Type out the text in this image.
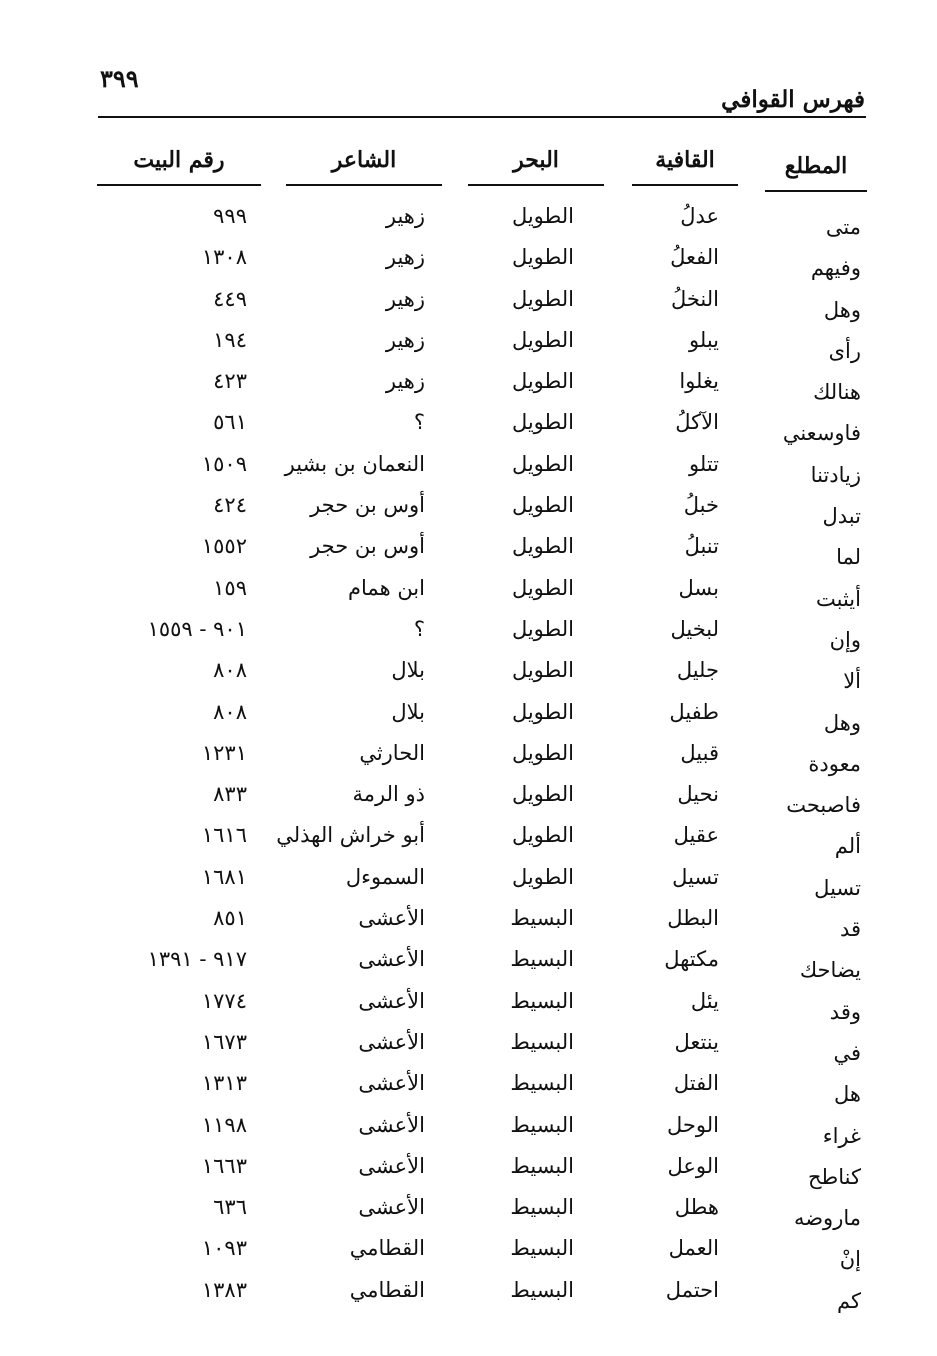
٣٩٩
فهرس القوافي
المطلع
القافية
البحر
الشاعر
رقم البيت
متى
عدلُ
الطويل
زهير
٩٩٩
وفيهم
الفعلُ
الطويل
زهير
١٣٠٨
وهل
النخلُ
الطويل
زهير
٤٤٩
رأى
يبلو
الطويل
زهير
١٩٤
هنالك
يغلوا
الطويل
زهير
٤٢٣
فاوسعني
الآكلُ
الطويل
؟
٥٦١
زيادتنا
تتلو
الطويل
النعمان بن بشير
١٥٠٩
تبدل
خبلُ
الطويل
أوس بن حجر
٤٢٤
لما
تنبلُ
الطويل
أوس بن حجر
١٥٥٢
أيثبت
بسل
الطويل
ابن همام
١٥٩
وإن
لبخيل
الطويل
؟
٩٠١ - ١٥٥٩
ألا
جليل
الطويل
بلال
٨٠٨
وهل
طفيل
الطويل
بلال
٨٠٨
معودة
قبيل
الطويل
الحارثي
١٢٣١
فاصبحت
نحيل
الطويل
ذو الرمة
٨٣٣
ألم
عقيل
الطويل
أبو خراش الهذلي
١٦١٦
تسيل
تسيل
الطويل
السموءل
١٦٨١
قد
البطل
البسيط
الأعشى
٨٥١
يضاحك
مكتهل
البسيط
الأعشى
٩١٧ - ١٣٩١
وقد
يئل
البسيط
الأعشى
١٧٧٤
في
ينتعل
البسيط
الأعشى
١٦٧٣
هل
الفتل
البسيط
الأعشى
١٣١٣
غراء
الوحل
البسيط
الأعشى
١١٩٨
كناطح
الوعل
البسيط
الأعشى
١٦٦٣
ماروضه
هطل
البسيط
الأعشى
٦٣٦
إنْ
العمل
البسيط
القطامي
١٠٩٣
كم
احتمل
البسيط
القطامي
١٣٨٣
